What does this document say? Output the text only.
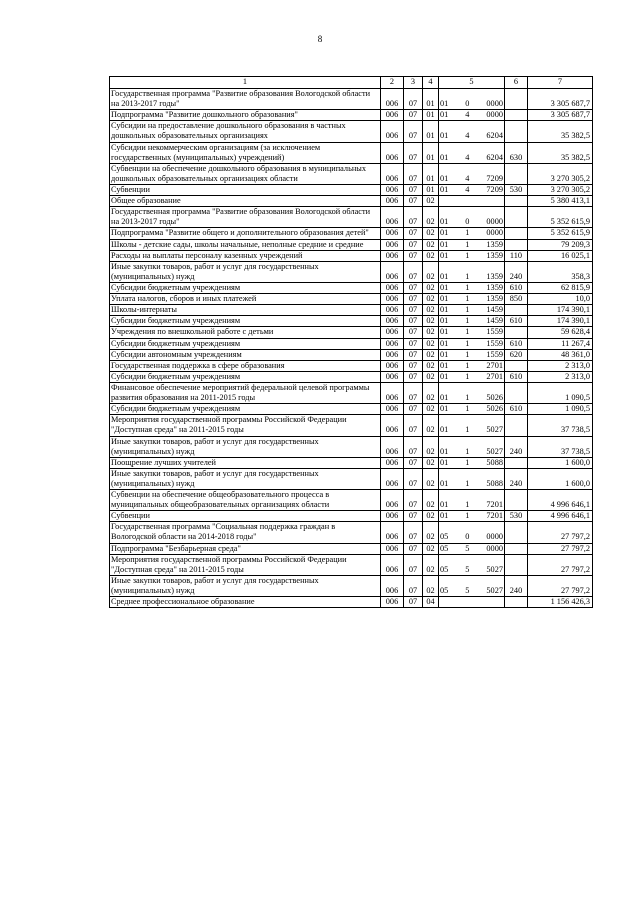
8
1	2	3	4	5	6	7
Государственная программа "Развитие образования Вологодской области на 2013-2017 годы"	006	07	01	01 0 0000		3 305 687,7
Подпрограмма "Развитие дошкольного образования"	006	07	01	01 4 0000		3 305 687,7
Субсидии на предоставление дошкольного образования в частных дошкольных образовательных организациях	006	07	01	01 4 6204		35 382,5
Субсидии некоммерческим организациям (за исключением государственных (муниципальных) учреждений)	006	07	01	01 4 6204	630	35 382,5
Субвенции на обеспечение дошкольного образования в муниципальных дошкольных образовательных организациях области	006	07	01	01 4 7209		3 270 305,2
Субвенции	006	07	01	01 4 7209	530	3 270 305,2
Общее образование	006	07	02			5 380 413,1
Государственная программа "Развитие образования Вологодской области на 2013-2017 годы"	006	07	02	01 0 0000		5 352 615,9
Подпрограмма "Развитие общего и дополнительного образования детей"	006	07	02	01 1 0000		5 352 615,9
Школы - детские сады, школы начальные, неполные средние и средние	006	07	02	01 1 1359		79 209,3
Расходы на выплаты персоналу казенных учреждений	006	07	02	01 1 1359	110	16 025,1
Иные закупки товаров, работ и услуг для государственных (муниципальных) нужд	006	07	02	01 1 1359	240	358,3
Субсидии бюджетным учреждениям	006	07	02	01 1 1359	610	62 815,9
Уплата налогов, сборов и иных платежей	006	07	02	01 1 1359	850	10,0
Школы-интернаты	006	07	02	01 1 1459		174 390,1
Субсидии бюджетным учреждениям	006	07	02	01 1 1459	610	174 390,1
Учреждения по внешкольной работе с детьми	006	07	02	01 1 1559		59 628,4
Субсидии бюджетным учреждениям	006	07	02	01 1 1559	610	11 267,4
Субсидии автономным учреждениям	006	07	02	01 1 1559	620	48 361,0
Государственная поддержка в сфере образования	006	07	02	01 1 2701		2 313,0
Субсидии бюджетным учреждениям	006	07	02	01 1 2701	610	2 313,0
Финансовое обеспечение мероприятий федеральной целевой программы развития образования на 2011-2015 годы	006	07	02	01 1 5026		1 090,5
Субсидии бюджетным учреждениям	006	07	02	01 1 5026	610	1 090,5
Мероприятия государственной программы Российской Федерации "Доступная среда" на 2011-2015 годы	006	07	02	01 1 5027		37 738,5
Иные закупки товаров, работ и услуг для государственных (муниципальных) нужд	006	07	02	01 1 5027	240	37 738,5
Поощрение лучших учителей	006	07	02	01 1 5088		1 600,0
Иные закупки товаров, работ и услуг для государственных (муниципальных) нужд	006	07	02	01 1 5088	240	1 600,0
Субвенции на обеспечение общеобразовательного процесса в муниципальных общеобразовательных организациях области	006	07	02	01 1 7201		4 996 646,1
Субвенции	006	07	02	01 1 7201	530	4 996 646,1
Государственная программа "Социальная поддержка граждан в Вологодской области на 2014-2018 годы"	006	07	02	05 0 0000		27 797,2
Подпрограмма "Безбарьерная среда"	006	07	02	05 5 0000		27 797,2
Мероприятия государственной программы Российской Федерации "Доступная среда" на 2011-2015 годы	006	07	02	05 5 5027		27 797,2
Иные закупки товаров, работ и услуг для государственных (муниципальных) нужд	006	07	02	05 5 5027	240	27 797,2
Среднее профессиональное образование	006	07	04			1 156 426,3
